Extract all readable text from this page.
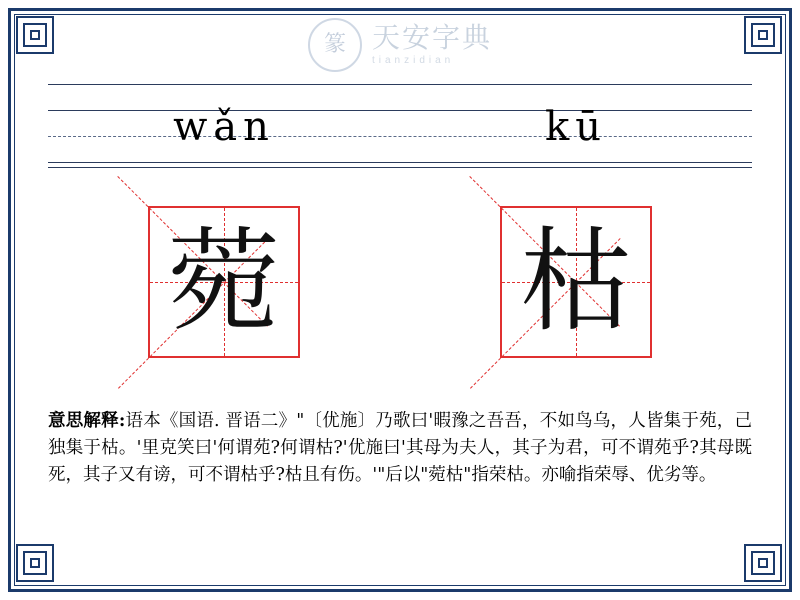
篆 天安字典
tianzidian
wǎn	kū
菀 枯
意思解释:语本《国语. 晋语二》"〔优施〕乃歌曰'暇豫之吾吾，不如鸟乌，人皆集于苑，己独集于枯。'里克笑曰'何谓苑?何谓枯?'优施曰'其母为夫人，其子为君，可不谓苑乎?其母既死，其子又有谤，可不谓枯乎?枯且有伤。'"后以"菀枯"指荣枯。亦喻指荣辱、优劣等。
